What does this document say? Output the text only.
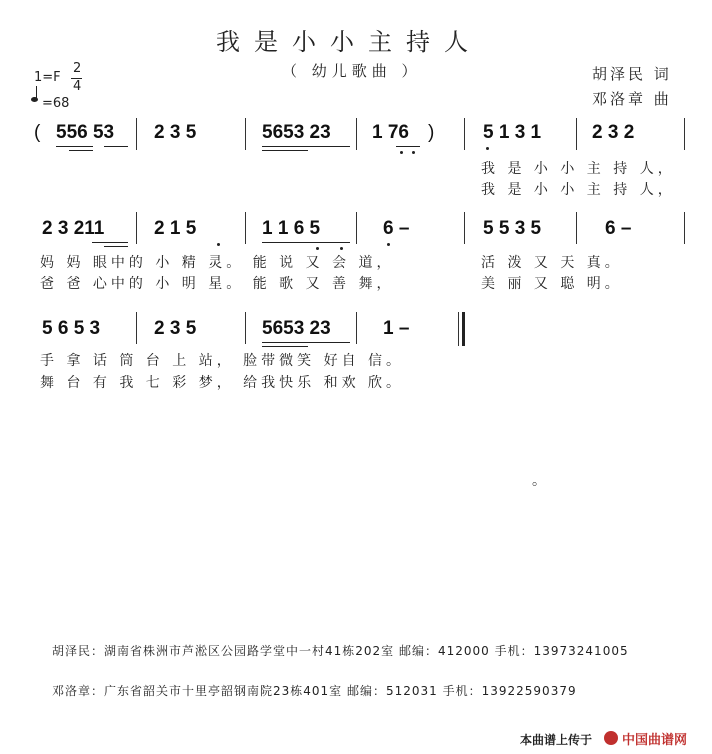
我是小小主持人
（ 幼儿歌曲 ）	胡泽民 词
邓洛章 曲
1=F
2
4
=68
( 556 53 2 3 5	5653 23 1 76 )	5 1 3 1	2 3 2
我 是 小 小 主 持 人，
我 是 小 小 主 持 人，
2 3 211	2 1 5	1 1 6 5	6 –	5 5 3 5	6 –
妈 妈 眼中的 小 精 灵。 能 说 又 会 道，	活 泼 又 天 真。
爸 爸 心中的 小 明 星。 能 歌 又 善 舞，	美 丽 又 聪 明。
5 6 5 3	2 3 5	5653 23	1 –
手 拿 话 筒 台 上 站， 脸带微笑 好自 信。
舞 台 有 我 七 彩 梦， 给我快乐 和欢 欣。
。
胡泽民：湖南省株洲市芦淞区公园路学堂中一村41栋202室 邮编：412000 手机：13973241005
邓洛章：广东省韶关市十里亭韶钢南院23栋401室 邮编：512031 手机：13922590379
本曲谱上传于 中国曲谱网
